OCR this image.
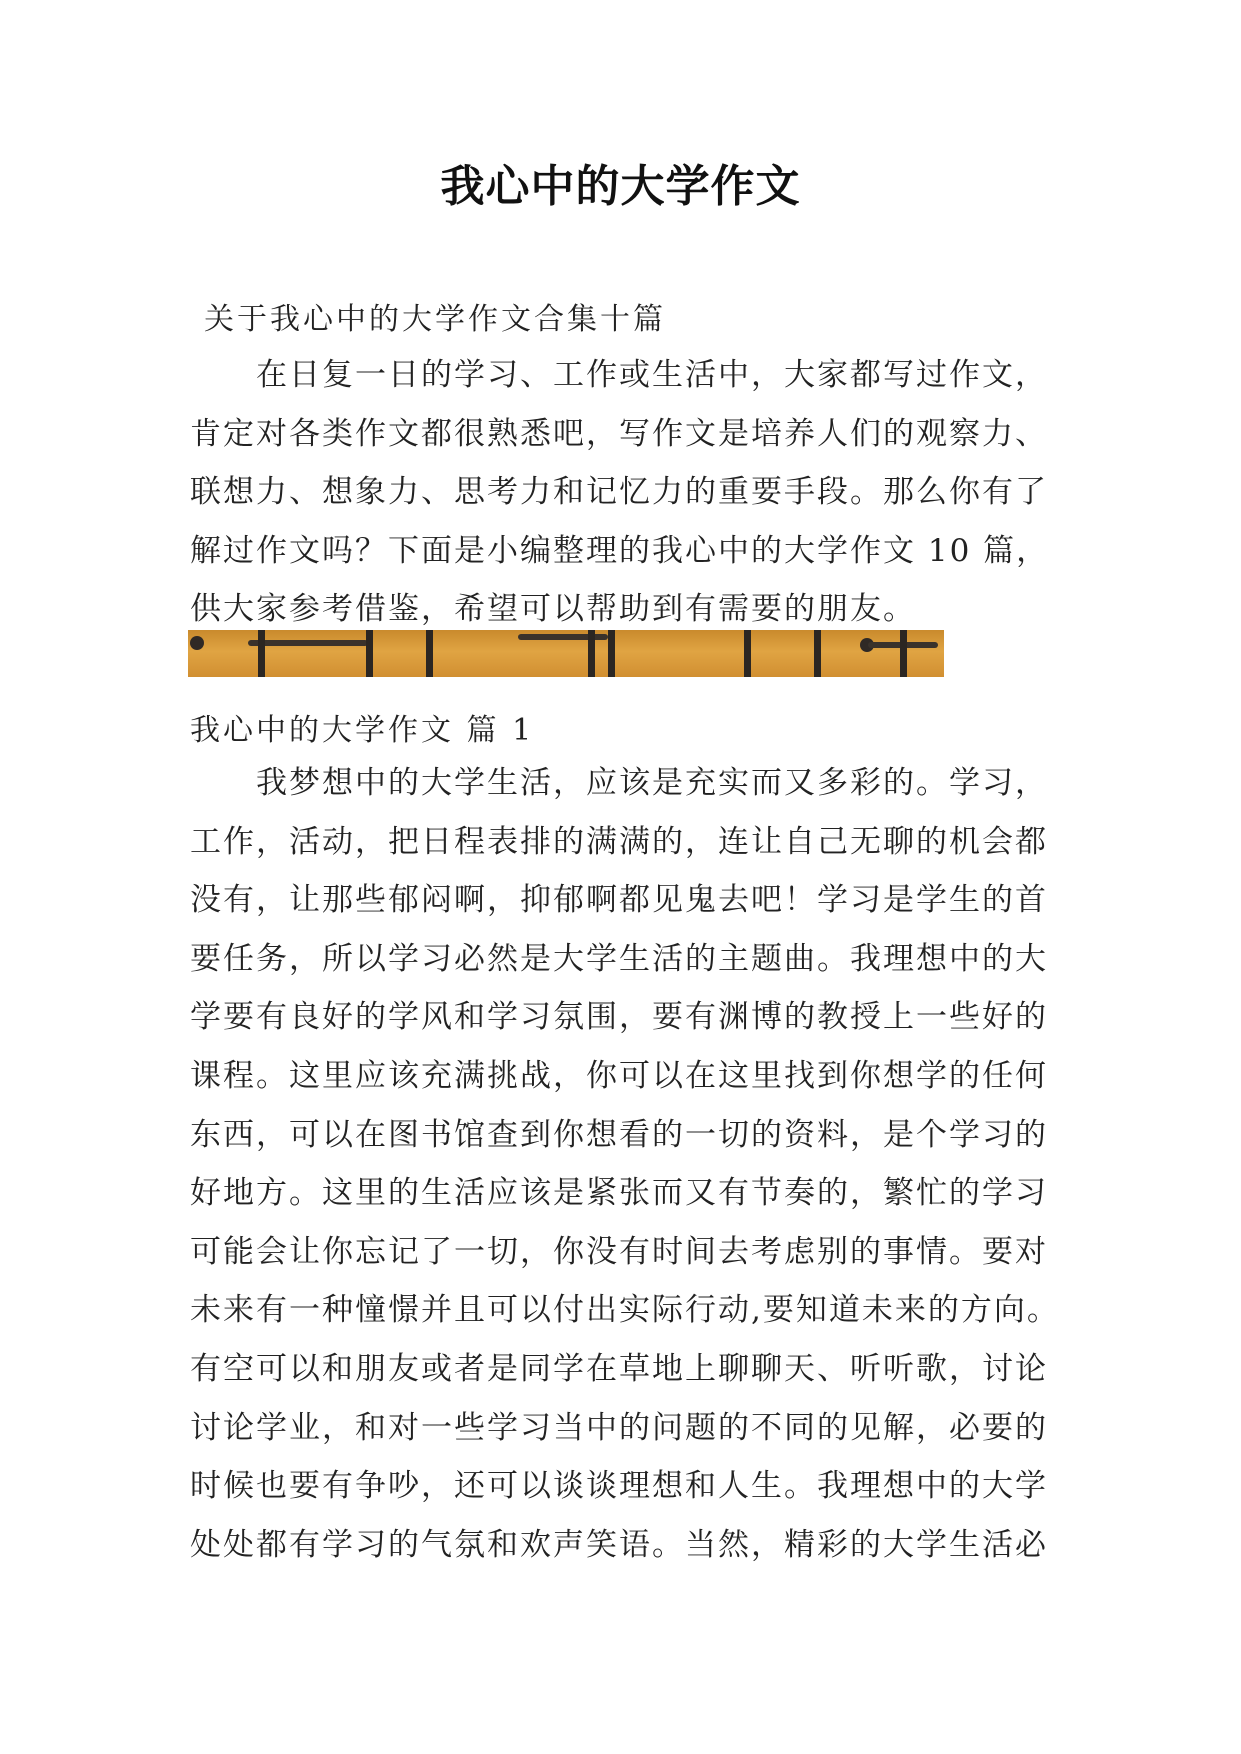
我心中的大学作文
关于我心中的大学作文合集十篇
　　在日复一日的学习、工作或生活中，大家都写过作文，
肯定对各类作文都很熟悉吧，写作文是培养人们的观察力、
联想力、想象力、思考力和记忆力的重要手段。那么你有了
解过作文吗？下面是小编整理的我心中的大学作文 10 篇，
供大家参考借鉴，希望可以帮助到有需要的朋友。
我心中的大学作文 篇 1
　　我梦想中的大学生活，应该是充实而又多彩的。学习，
工作，活动，把日程表排的满满的，连让自己无聊的机会都
没有，让那些郁闷啊，抑郁啊都见鬼去吧！学习是学生的首
要任务，所以学习必然是大学生活的主题曲。我理想中的大
学要有良好的学风和学习氛围，要有渊博的教授上一些好的
课程。这里应该充满挑战，你可以在这里找到你想学的任何
东西，可以在图书馆查到你想看的一切的资料，是个学习的
好地方。这里的生活应该是紧张而又有节奏的，繁忙的学习
可能会让你忘记了一切，你没有时间去考虑别的事情。要对
未来有一种憧憬并且可以付出实际行动,要知道未来的方向。
有空可以和朋友或者是同学在草地上聊聊天、听听歌，讨论
讨论学业，和对一些学习当中的问题的不同的见解，必要的
时候也要有争吵，还可以谈谈理想和人生。我理想中的大学
处处都有学习的气氛和欢声笑语。当然，精彩的大学生活必
